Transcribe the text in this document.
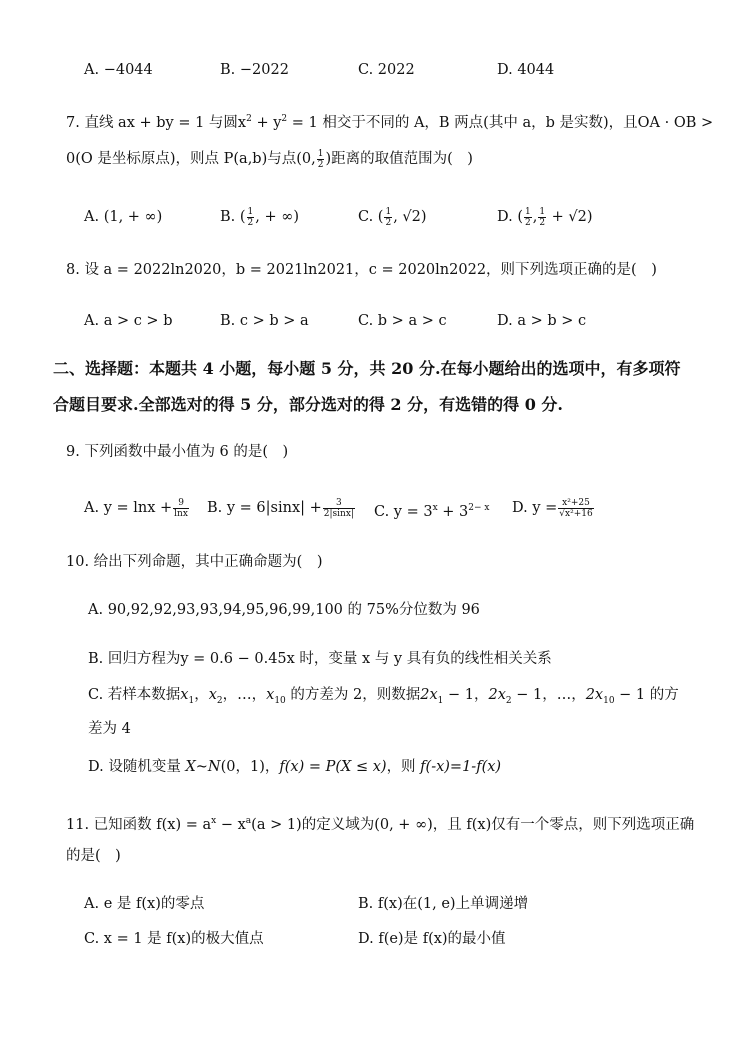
A. −4044	B. −2022	C. 2022	D. 4044
7. 直线 ax + by = 1 与圆$x^2 + y^2 = 1$ 相交于不同的 A，B 两点(其中 a，b 是实数)，且OA · OB >
0(O 是坐标原点)，则点 P(a,b)与点(0, $\frac{1}{2}$ )距离的取值范围为(　)
A. (1, + ∞)	B. ( $\frac{1}{2}$ , + ∞)	C. ( $\frac{1}{2}$ , √2)	D. ( $\frac{1}{2}$ , $\frac{1}{2} + √2$)
8. 设 a = 2022ln2020，b = 2021ln2021，c = 2020ln2022，则下列选项正确的是(　)
A. a > c > b	B. c > b > a	C. b > a > c	D. a > b > c
二、选择题：本题共 4 小题，每小题 5 分，共 20 分.在每小题给出的选项中，有多项符
合题目要求.全部选对的得 5 分，部分选对的得 2 分，有选错的得 0 分.
9. 下列函数中最小值为 6 的是(　)
A. $y = \ln x + \frac{9}{\ln x} B$. $y = 6|\sin x| + \frac{3}{2|\sin x|} C$. $y = 3^x + 3^{2- x}$ D. $y = \frac{\text{x²+25}}{\text{√x²+16}}$
10. 给出下列命题，其中正确命题为(　)
A. 90,92,92,93,93,94,95,96,99,100 的 75%分位数为 96
B. 回归方程为y = 0.6 − 0.45x 时，变量 x 与 y 具有负的线性相关关系
C. 若样本数据$x_1$，$x_2$，…，$x_{10}$ 的方差为 2，则数据$2x_1 - 1$，$2x_2 - 1$，…，$2x_{10} - 1$ 的方
差为 4
D. 设随机变量 X~N(0，1)，f(x) = P(X ≤ x)，则 f(-x)=1-f(x)
11. 已知函数 $f(x) = a^x - x^a(a > 1)$的定义域为(0, + ∞)，且 f(x)仅有一个零点，则下列选项正确
的是(　)
A. e 是 f(x)的零点	B. f(x)在(1, e)上单调递增
C. x = 1 是 f(x)的极大值点	D. f(e)是 f(x)的最小值
